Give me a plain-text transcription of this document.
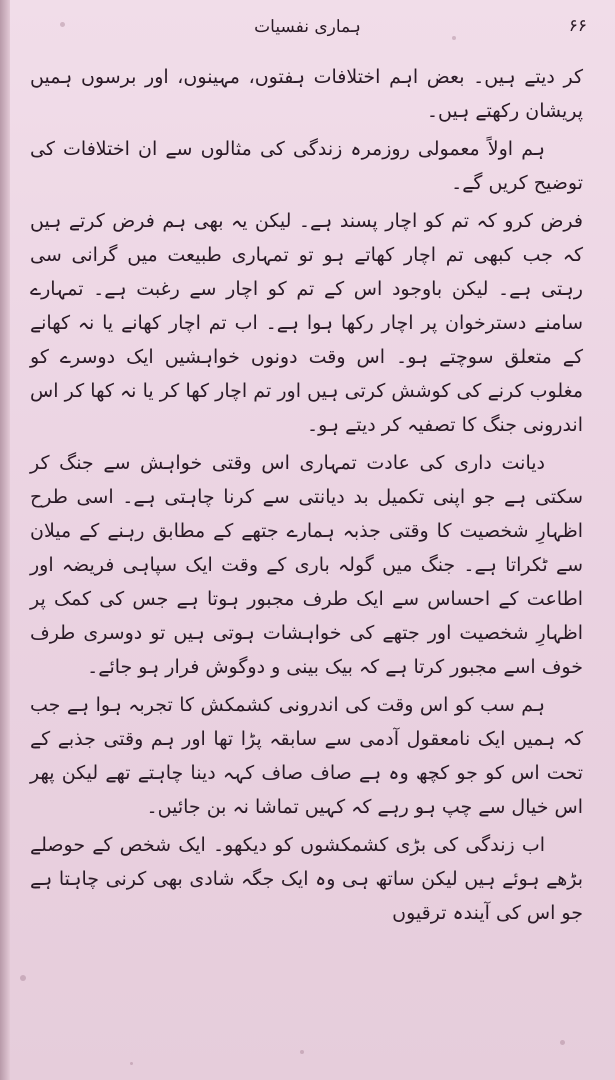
ہماری نفسیات	۶۶

کر دیتے ہیں۔ بعض اہم اختلافات ہفتوں، مہینوں، اور برسوں ہمیں پریشان رکھتے ہیں۔

ہم اولاً معمولی روزمرہ زندگی کی مثالوں سے ان اختلافات کی توضیح کریں گے۔

فرض کرو کہ تم کو اچار پسند ہے۔ لیکن یہ بھی ہم فرض کرتے ہیں کہ جب کبھی تم اچار کھاتے ہو تو تمہاری طبیعت میں گرانی سی رہتی ہے۔ لیکن باوجود اس کے تم کو اچار سے رغبت ہے۔ تمہارے سامنے دسترخوان پر اچار رکھا ہوا ہے۔ اب تم اچار کھانے یا نہ کھانے کے متعلق سوچتے ہو۔ اس وقت دونوں خواہشیں ایک دوسرے کو مغلوب کرنے کی کوشش کرتی ہیں اور تم اچار کھا کر یا نہ کھا کر اس اندرونی جنگ کا تصفیہ کر دیتے ہو۔

دیانت داری کی عادت تمہاری اس وقتی خواہش سے جنگ کر سکتی ہے جو اپنی تکمیل بد دیانتی سے کرنا چاہتی ہے۔ اسی طرح اظہارِ شخصیت کا وقتی جذبہ ہمارے جتھے کے مطابق رہنے کے میلان سے ٹکراتا ہے۔ جنگ میں گولہ باری کے وقت ایک سپاہی فریضہ اور اطاعت کے احساس سے ایک طرف مجبور ہوتا ہے جس کی کمک پر اظہارِ شخصیت اور جتھے کی خواہشات ہوتی ہیں تو دوسری طرف خوف اسے مجبور کرتا ہے کہ بیک بینی و دوگوش فرار ہو جائے۔

ہم سب کو اس وقت کی اندرونی کشمکش کا تجربہ ہوا ہے جب کہ ہمیں ایک نامعقول آدمی سے سابقہ پڑا تھا اور ہم وقتی جذبے کے تحت اس کو جو کچھ وہ ہے صاف صاف کہہ دینا چاہتے تھے لیکن پھر اس خیال سے چپ ہو رہے کہ کہیں تماشا نہ بن جائیں۔

اب زندگی کی بڑی کشمکشوں کو دیکھو۔ ایک شخص کے حوصلے بڑھے ہوئے ہیں لیکن ساتھ ہی وہ ایک جگہ شادی بھی کرنی چاہتا ہے جو اس کی آیندہ ترقیوں
